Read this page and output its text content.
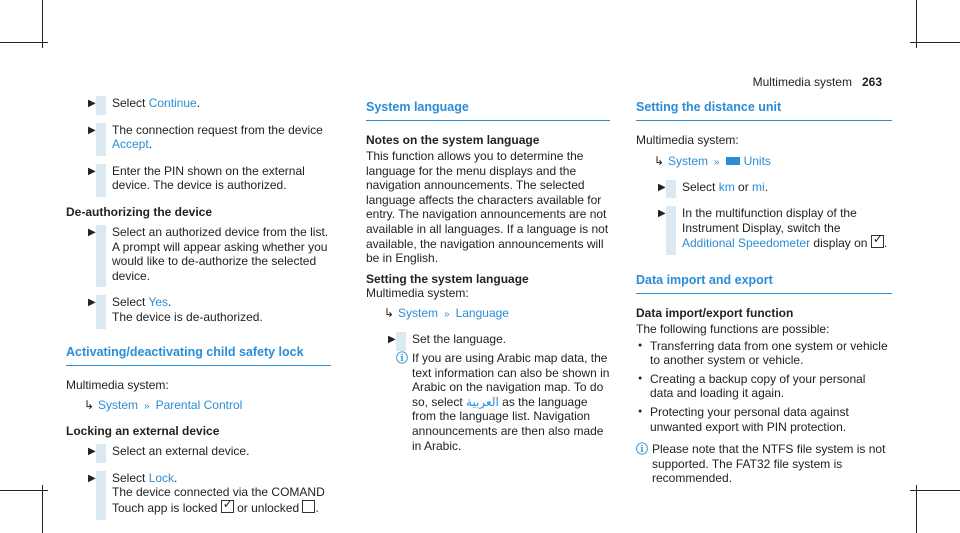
Multimedia system 263
▶ Select Continue.
▶ The connection request from the device Accept.
▶ Enter the PIN shown on the external device. The device is authorized.
De-authorizing the device
▶ Select an authorized device from the list. A prompt will appear asking whether you would like to de-authorize the selected device.
▶ Select Yes.
The device is de-authorized.
Activating/deactivating child safety lock

Multimedia system:

↳ System » Parental Control
Locking an external device
▶ Select an external device.
▶ Select Lock.
The device connected via the COMAND Touch app is locked ✓ or unlocked .
System language
Notes on the system language

This function allows you to determine the language for the menu displays and the navigation announcements. The selected language affects the characters available for entry. The navigation announcements are not available in all languages. If a language is not available, the navigation announcements will be in English.

Setting the system language

Multimedia system:

↳ System » Language
▶ Set the language.
ⓘ If you are using Arabic map data, the text information can also be shown in Arabic on the navigation map. To do so, select العربية as the language from the language list. Navigation announcements are then also made in Arabic.
Setting the distance unit

Multimedia system:

↳ System » Units
▶ Select km or mi.
▶ In the multifunction display of the Instrument Display, switch the Additional Speedometer display on ✓ .
Data import and export
Data import/export function

The following functions are possible:

● Transferring data from one system or vehicle to another system or vehicle.
● Creating a backup copy of your personal data and loading it again.
● Protecting your personal data against unwanted export with PIN protection.
ⓘ Please note that the NTFS file system is not supported. The FAT32 file system is recommended.
